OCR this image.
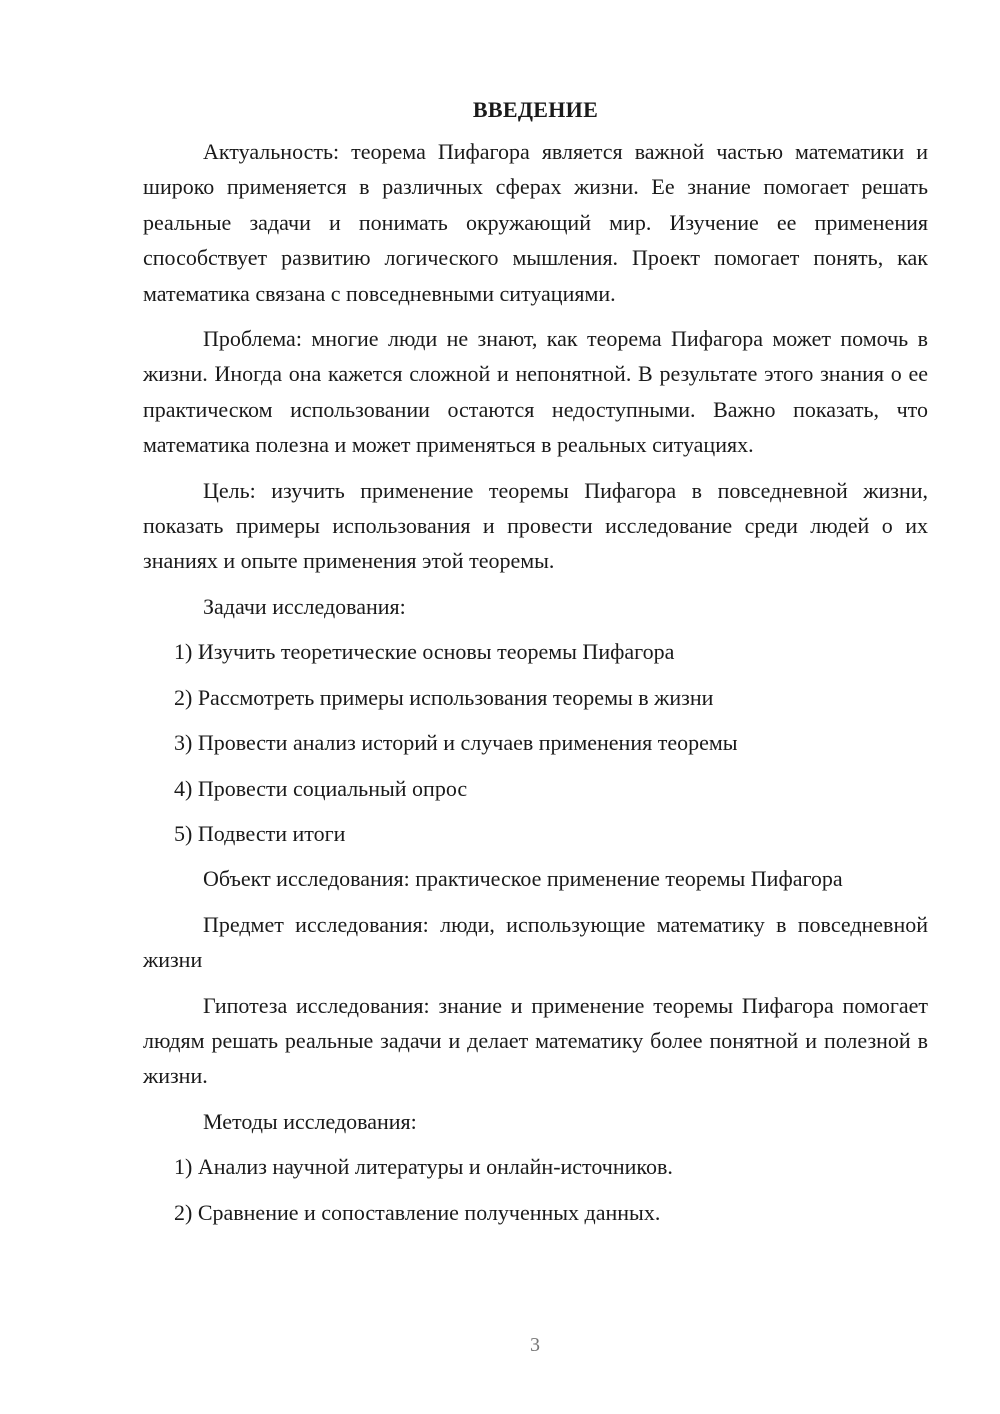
ВВЕДЕНИЕ

Актуальность: теорема Пифагора является важной частью математики и широко применяется в различных сферах жизни. Ее знание помогает решать реальные задачи и понимать окружающий мир. Изучение ее применения способствует развитию логического мышления. Проект помогает понять, как математика связана с повседневными ситуациями.

Проблема: многие люди не знают, как теорема Пифагора может помочь в жизни. Иногда она кажется сложной и непонятной. В результате этого знания о ее практическом использовании остаются недоступными. Важно показать, что математика полезна и может применяться в реальных ситуациях.

Цель: изучить применение теоремы Пифагора в повседневной жизни, показать примеры использования и провести исследование среди людей о их знаниях и опыте применения этой теоремы.

Задачи исследования:

1) Изучить теоретические основы теоремы Пифагора

2) Рассмотреть примеры использования теоремы в жизни

3) Провести анализ историй и случаев применения теоремы

4) Провести социальный опрос

5) Подвести итоги

Объект исследования: практическое применение теоремы Пифагора

Предмет исследования: люди, использующие математику в повседневной жизни

Гипотеза исследования: знание и применение теоремы Пифагора помогает людям решать реальные задачи и делает математику более понятной и полезной в жизни.

Методы исследования:

1) Анализ научной литературы и онлайн-источников.

2) Сравнение и сопоставление полученных данных.

3
